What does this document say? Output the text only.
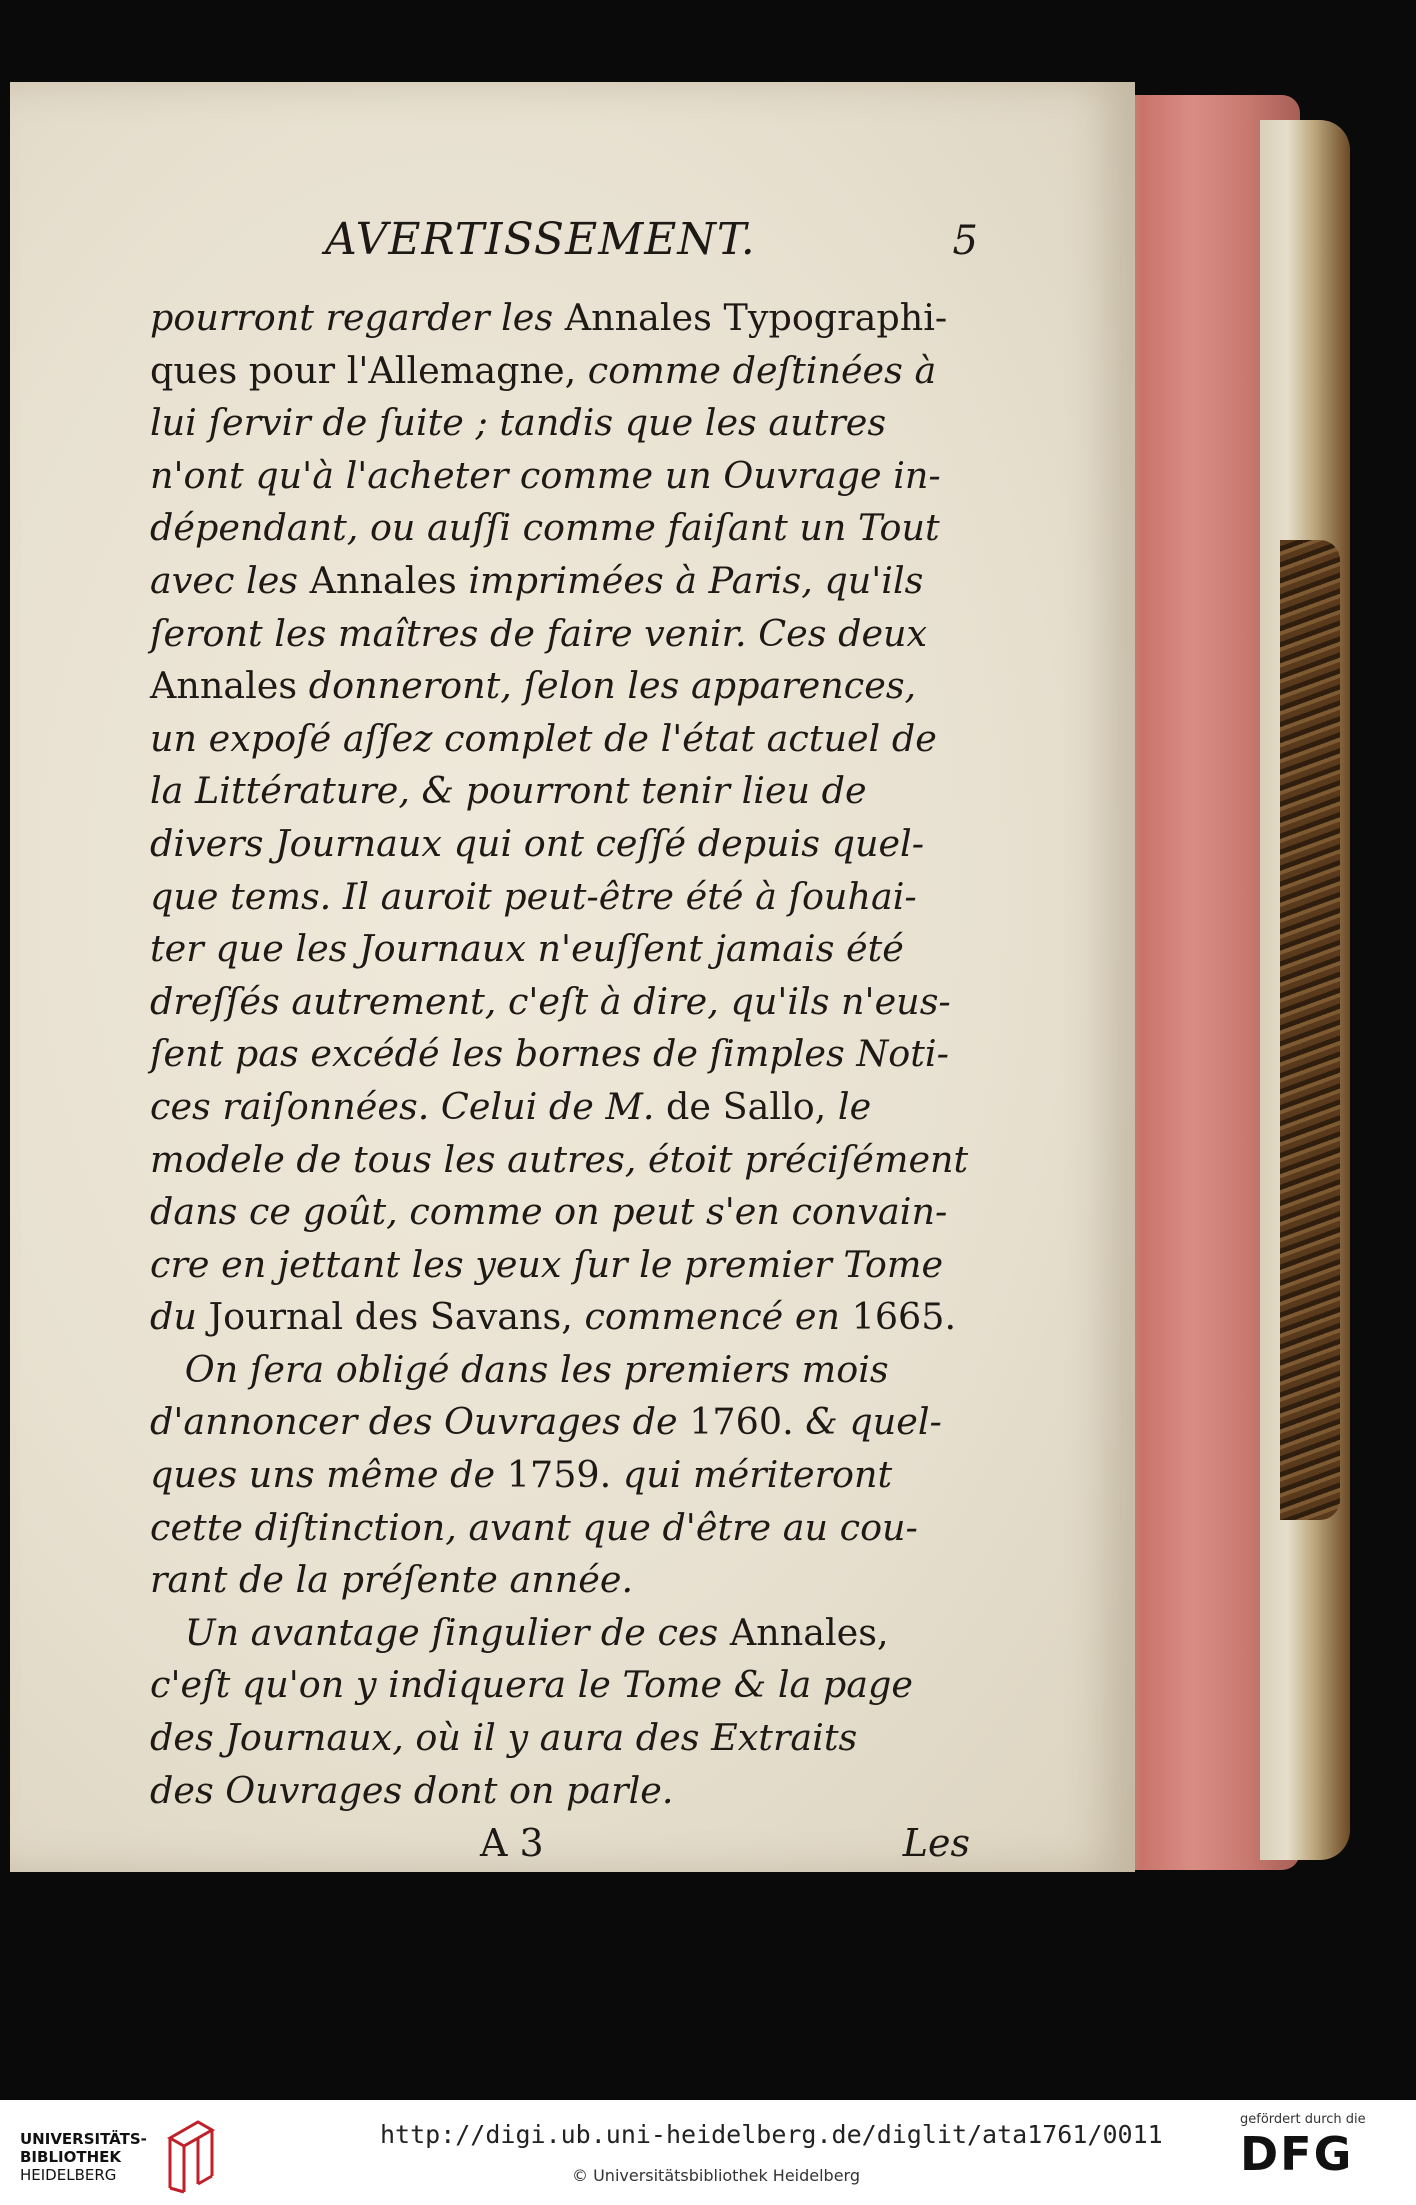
AVERTISSEMENT.	5

pourront regarder les Annales Typographi-

ques pour l'Allemagne, comme deſtinées à

lui ſervir de ſuite ; tandis que les autres

n'ont qu'à l'acheter comme un Ouvrage in-

dépendant, ou auſſi comme faiſant un Tout

avec les Annales imprimées à Paris, qu'ils

ſeront les maîtres de faire venir. Ces deux

Annales donneront, ſelon les apparences,

un expoſé aſſez complet de l'état actuel de

la Littérature, & pourront tenir lieu de

divers Journaux qui ont ceſſé depuis quel-

que tems. Il auroit peut-être été à ſouhai-

ter que les Journaux n'euſſent jamais été

dreſſés autrement, c'eſt à dire, qu'ils n'eus-

ſent pas excédé les bornes de ſimples Noti-

ces raiſonnées. Celui de M. de Sallo, le

modele de tous les autres, étoit préciſément

dans ce goût, comme on peut s'en convain-

cre en jettant les yeux ſur le premier Tome

du Journal des Savans, commencé en 1665.

On ſera obligé dans les premiers mois

d'annoncer des Ouvrages de 1760. & quel-

ques uns même de 1759. qui mériteront

cette diſtinction, avant que d'être au cou-

rant de la préſente année.

Un avantage ſingulier de ces Annales,

c'eſt qu'on y indiquera le Tome & la page

des Journaux, où il y aura des Extraits

des Ouvrages dont on parle.

A 3	Les
UNIVERSITÄTS-
BIBLIOTHEK
HEIDELBERG
http://digi.ub.uni-heidelberg.de/diglit/ata1761/0011
© Universitätsbibliothek Heidelberg
gefördert durch die
DFG
